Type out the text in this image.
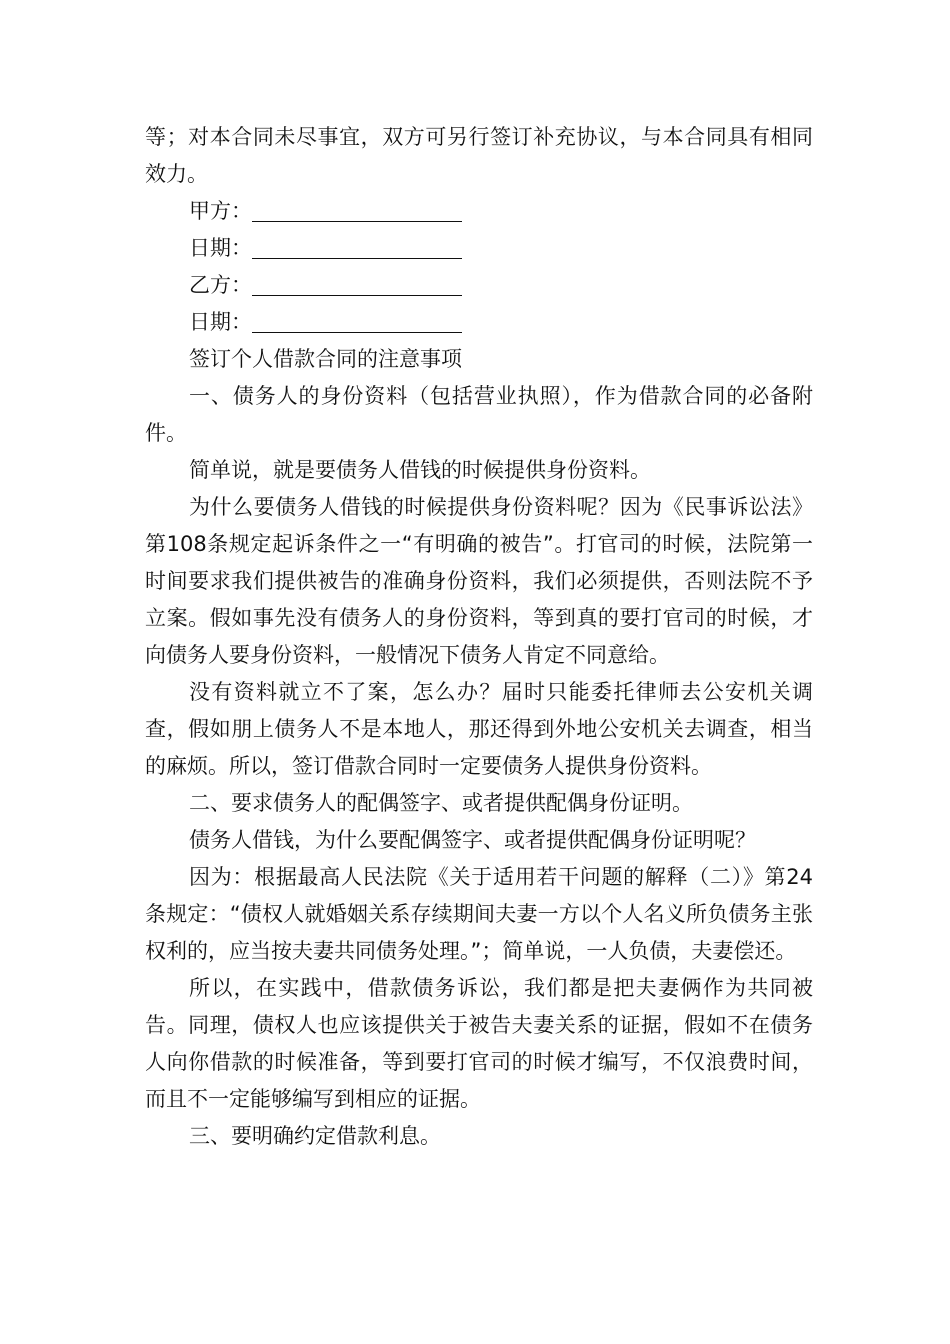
等；对本合同未尽事宜，双方可另行签订补充协议，与本合同具有相同效力。

甲方：

日期：

乙方：

日期：

签订个人借款合同的注意事项

一、债务人的身份资料（包括营业执照），作为借款合同的必备附件。

简单说，就是要债务人借钱的时候提供身份资料。

为什么要债务人借钱的时候提供身份资料呢？因为《民事诉讼法》第108条规定起诉条件之一“有明确的被告”。打官司的时候，法院第一时间要求我们提供被告的准确身份资料，我们必须提供，否则法院不予立案。假如事先没有债务人的身份资料，等到真的要打官司的时候，才向债务人要身份资料，一般情况下债务人肯定不同意给。

没有资料就立不了案，怎么办？届时只能委托律师去公安机关调查，假如朋上债务人不是本地人，那还得到外地公安机关去调查，相当的麻烦。所以，签订借款合同时一定要债务人提供身份资料。

二、要求债务人的配偶签字、或者提供配偶身份证明。

债务人借钱，为什么要配偶签字、或者提供配偶身份证明呢？

因为：根据最高人民法院《关于适用若干问题的解释（二）》第24条规定：“债权人就婚姻关系存续期间夫妻一方以个人名义所负债务主张权利的，应当按夫妻共同债务处理。”；简单说，一人负债，夫妻偿还。

所以，在实践中，借款债务诉讼，我们都是把夫妻俩作为共同被告。同理，债权人也应该提供关于被告夫妻关系的证据，假如不在债务人向你借款的时候准备，等到要打官司的时候才编写，不仅浪费时间，而且不一定能够编写到相应的证据。

三、要明确约定借款利息。
